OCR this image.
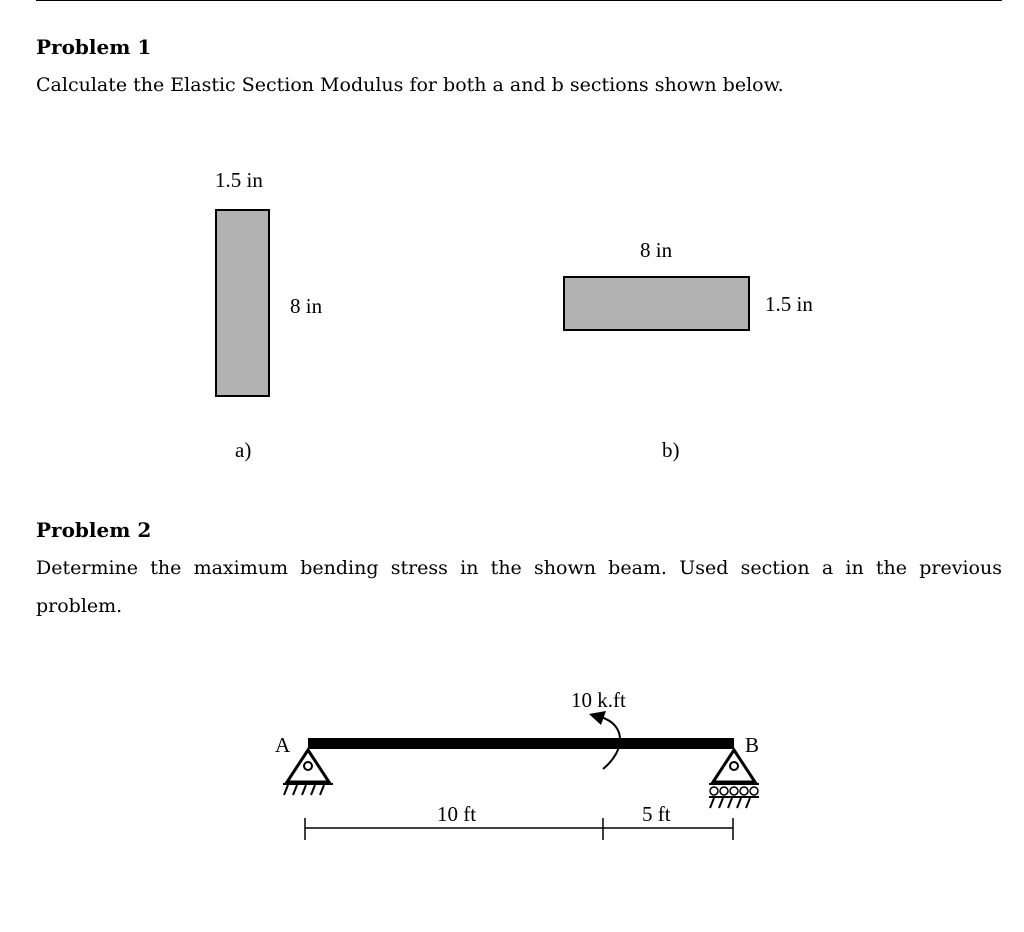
Problem 1

Calculate the Elastic Section Modulus for both a and b sections shown below.

1.5 in
8 in
a)
8 in
1.5 in
b)
Problem 2

Determine the maximum bending stress in the shown beam. Used section a in the previous problem.

A	B
10 k.ft
10 ft	5 ft
